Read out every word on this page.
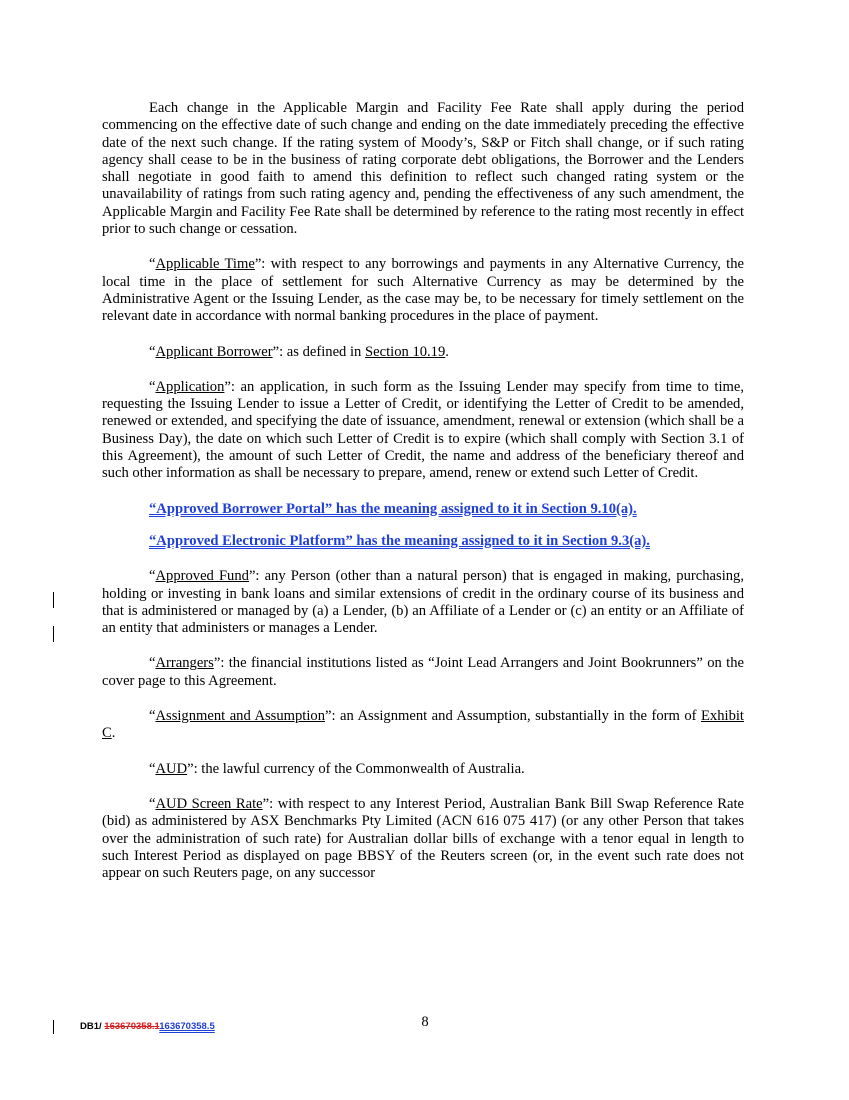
Each change in the Applicable Margin and Facility Fee Rate shall apply during the period commencing on the effective date of such change and ending on the date immediately preceding the effective date of the next such change. If the rating system of Moody’s, S&P or Fitch shall change, or if such rating agency shall cease to be in the business of rating corporate debt obligations, the Borrower and the Lenders shall negotiate in good faith to amend this definition to reflect such changed rating system or the unavailability of ratings from such rating agency and, pending the effectiveness of any such amendment, the Applicable Margin and Facility Fee Rate shall be determined by reference to the rating most recently in effect prior to such change or cessation.

“Applicable Time”: with respect to any borrowings and payments in any Alternative Currency, the local time in the place of settlement for such Alternative Currency as may be determined by the Administrative Agent or the Issuing Lender, as the case may be, to be necessary for timely settlement on the relevant date in accordance with normal banking procedures in the place of payment.

“Applicant Borrower”: as defined in Section 10.19.

“Application”: an application, in such form as the Issuing Lender may specify from time to time, requesting the Issuing Lender to issue a Letter of Credit, or identifying the Letter of Credit to be amended, renewed or extended, and specifying the date of issuance, amendment, renewal or extension (which shall be a Business Day), the date on which such Letter of Credit is to expire (which shall comply with Section 3.1 of this Agreement), the amount of such Letter of Credit, the name and address of the beneficiary thereof and such other information as shall be necessary to prepare, amend, renew or extend such Letter of Credit.

“Approved Borrower Portal” has the meaning assigned to it in Section 9.10(a).

“Approved Electronic Platform” has the meaning assigned to it in Section 9.3(a).

“Approved Fund”: any Person (other than a natural person) that is engaged in making, purchasing, holding or investing in bank loans and similar extensions of credit in the ordinary course of its business and that is administered or managed by (a) a Lender, (b) an Affiliate of a Lender or (c) an entity or an Affiliate of an entity that administers or manages a Lender.

“Arrangers”: the financial institutions listed as “Joint Lead Arrangers and Joint Bookrunners” on the cover page to this Agreement.

“Assignment and Assumption”: an Assignment and Assumption, substantially in the form of Exhibit C.

“AUD”: the lawful currency of the Commonwealth of Australia.

“AUD Screen Rate”: with respect to any Interest Period, Australian Bank Bill Swap Reference Rate (bid) as administered by ASX Benchmarks Pty Limited (ACN 616 075 417) (or any other Person that takes over the administration of such rate) for Australian dollar bills of exchange with a tenor equal in length to such Interest Period as displayed on page BBSY of the Reuters screen (or, in the event such rate does not appear on such Reuters page, on any successor

DB1/ 163670358.1163670358.5	8
